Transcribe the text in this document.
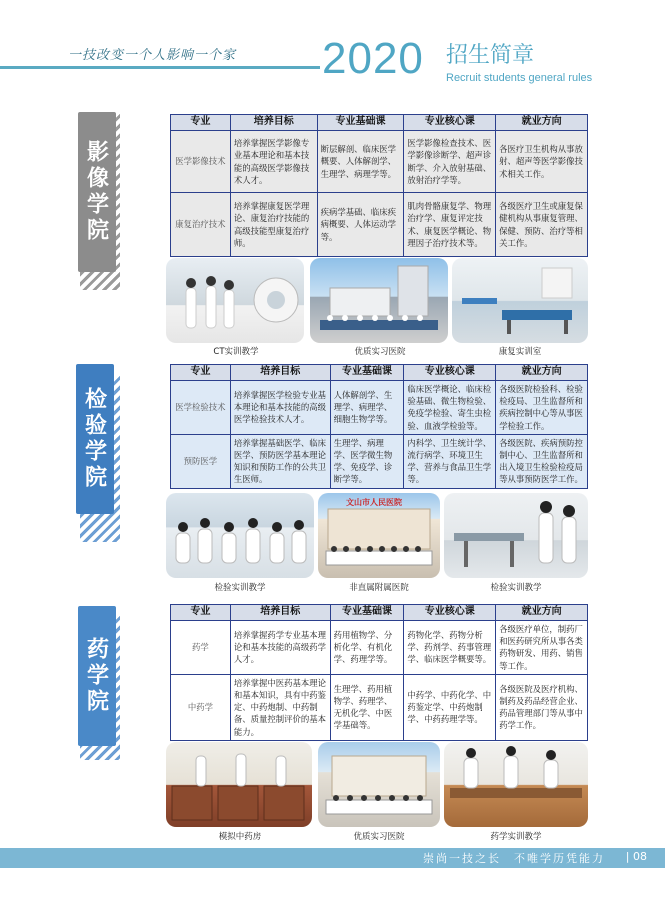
一技改变一个人影响一个家 2020 招生简章
Recruit students general rules
影像学院
专业	培养目标	专业基础课	专业核心课	就业方向
医学影像技术	培养掌握医学影像专业基本理论和基本技能的高级医学影像技术人才。	断层解剖、临床医学概要、人体解剖学、生理学、病理学等。	医学影像检查技术、医学影像诊断学、超声诊断学、介入放射基础、放射治疗学等。	各医疗卫生机构从事放射、超声等医学影像技术相关工作。
康复治疗技术	培养掌握康复医学理论、康复治疗技能的高级技能型康复治疗师。	疾病学基础、临床疾病概要、人体运动学等。	肌肉骨骼康复学、物理治疗学、康复评定技术、康复医学概论、物理因子治疗技术等。	各级医疗卫生或康复保健机构从事康复管理、保健、预防、治疗等相关工作。
CT实训教学	优质实习医院	康复实训室
检验学院
专业	培养目标	专业基础课	专业核心课	就业方向
医学检验技术	培养掌握医学检验专业基本理论和基本技能的高级医学检验技术人才。	人体解剖学、生理学、病理学、细胞生物学等。	临床医学概论、临床检验基础、微生物检验、免疫学检验、寄生虫检验、血液学检验等。	各级医院检验科、检验检疫局、卫生监督所和疾病控制中心等从事医学检验工作。
预防医学	培养掌握基础医学、临床医学、预防医学基本理论知识和预防工作的公共卫生医师。	生理学、病理学、医学微生物学、免疫学、诊断学等。	内科学、卫生统计学、流行病学、环境卫生学、营养与食品卫生学等。	各级医院、疾病预防控制中心、卫生监督所和出入境卫生检验检疫局等从事预防医学工作。
检验实训教学
文山市人民医院
非直属附属医院	检验实训教学
药学院
专业	培养目标	专业基础课	专业核心课	就业方向
药学	培养掌握药学专业基本理论和基本技能的高级药学人才。	药用植物学、分析化学、有机化学、药理学等。	药物化学、药物分析学、药剂学、药事管理学、临床医学概要等。	各级医疗单位，制药厂和医药研究所从事各类药物研发、用药、销售等工作。
中药学	培养掌握中医药基本理论和基本知识，具有中药鉴定、中药炮制、中药制备、质量控制评价的基本能力。	生理学、药用植物学、药理学、无机化学、中医学基础等。	中药学、中药化学、中药鉴定学、中药炮制学、中药药理学等。	各级医院及医疗机构、制药及药品经营企业、药品管理部门等从事中药学工作。
模拟中药房	优质实习医院	药学实训教学
崇尚一技之长　不唯学历凭能力 | 08
